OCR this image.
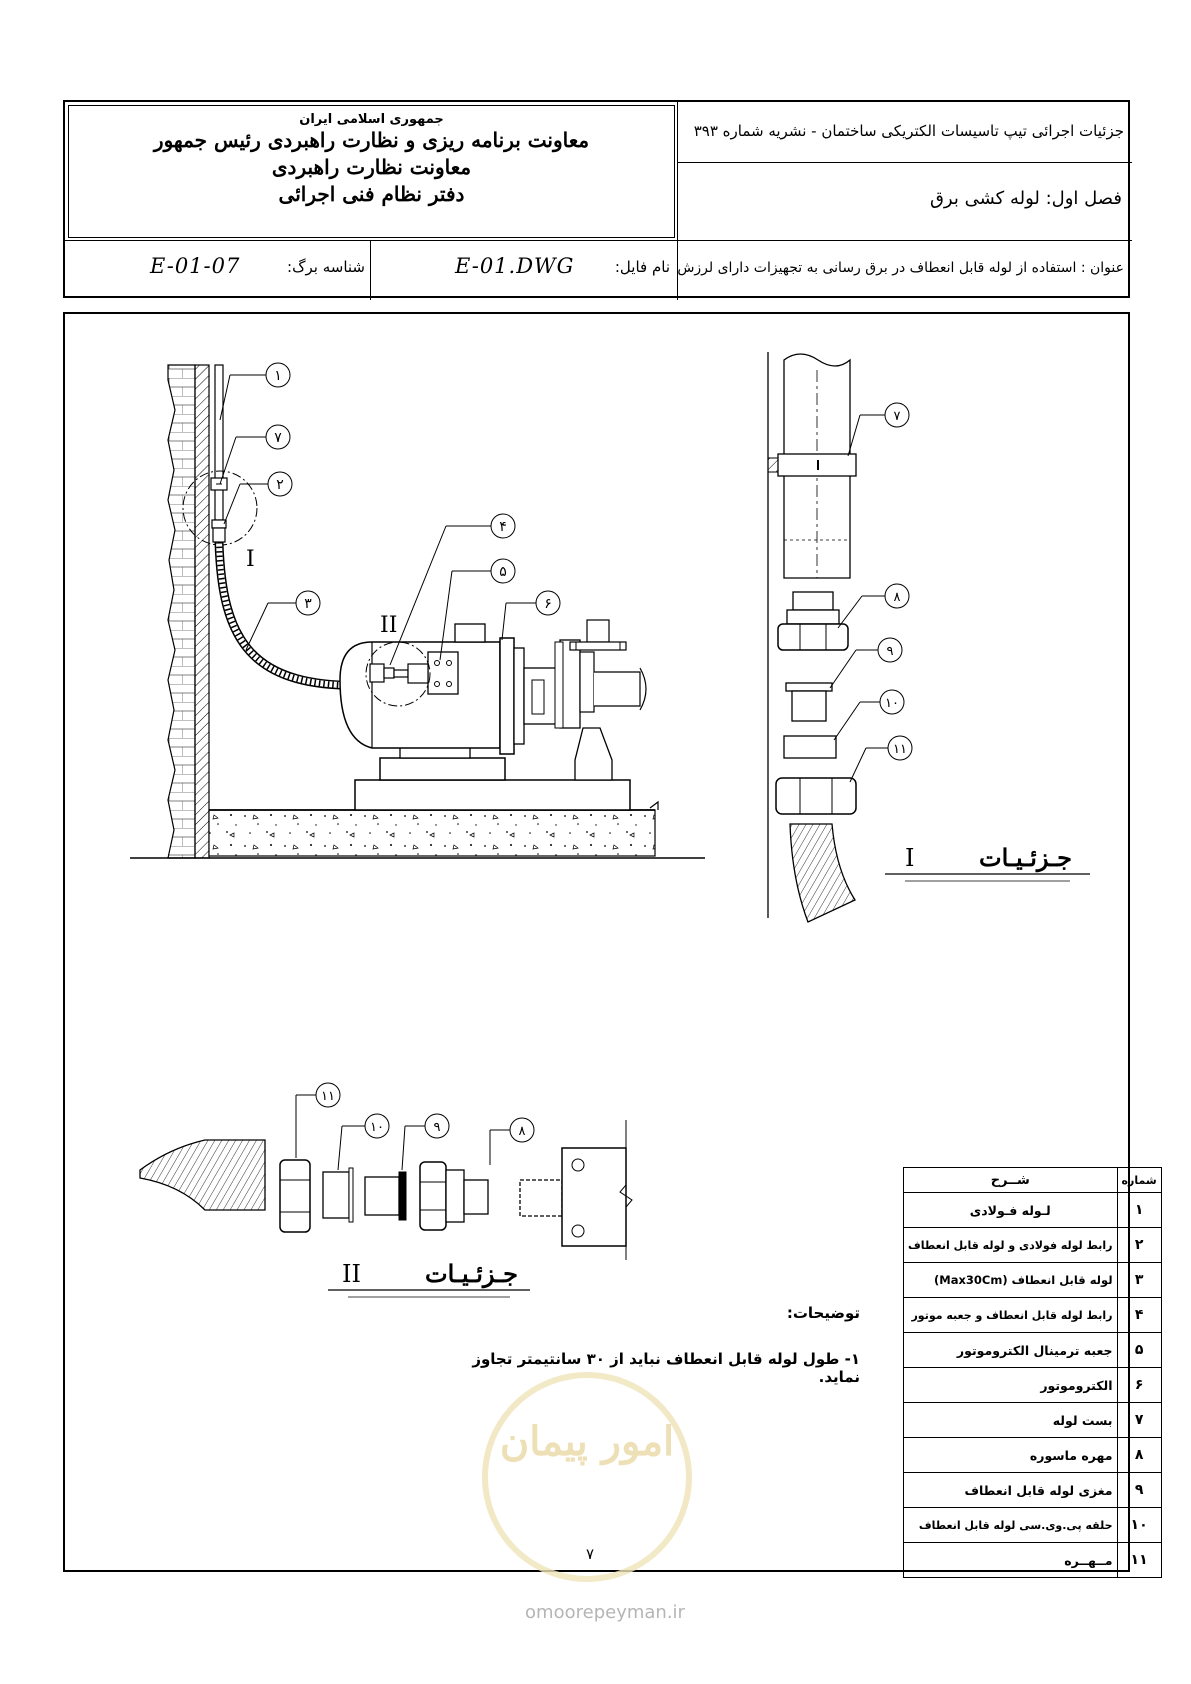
جمهوری اسلامی ایران
معاونت برنامه ریزی و نظارت راهبردی رئیس جمهور
معاونت نظارت راهبردی
دفتر نظام فنی اجرائی
جزئیات اجرائی تیپ تاسیسات الکتریکی ساختمان - نشریه شماره ۳۹۳
فصل اول: لوله کشی برق
عنوان : استفاده از لوله قابل انعطاف در برق رسانی به تجهیزات دارای لرزش
نام فایل:
E-01.DWG
شناسه برگ:
E-01-07
I
II
۱
۷
۲
۳
۴
۵
۶
۷
۸
۹
۱۰
۱۱
جـزئـيـات
I
۱۱
۱۰	۹	۸
جـزئـيـات
II
شماره	شــرح
۱	لـوله فـولادی
۲	رابط لوله فولادی و لوله قابل انعطاف
۳	لوله قابل انعطاف (Max30Cm)
۴	رابط لوله قابل انعطاف و جعبه موتور
۵	جعبه ترمینال الکتروموتور
۶	الکتروموتور
۷	بست لوله
۸	مهره ماسوره
۹	مغزی لوله قابل انعطاف
۱۰	حلقه پی.وی.سی لوله قابل انعطاف
۱۱	مــهــره
توضیحات:
۱- طول لوله قابل انعطاف نباید از ۳۰ سانتیمتر تجاوز نماید.
امور پیمان
۷
omoorepeyman.ir
